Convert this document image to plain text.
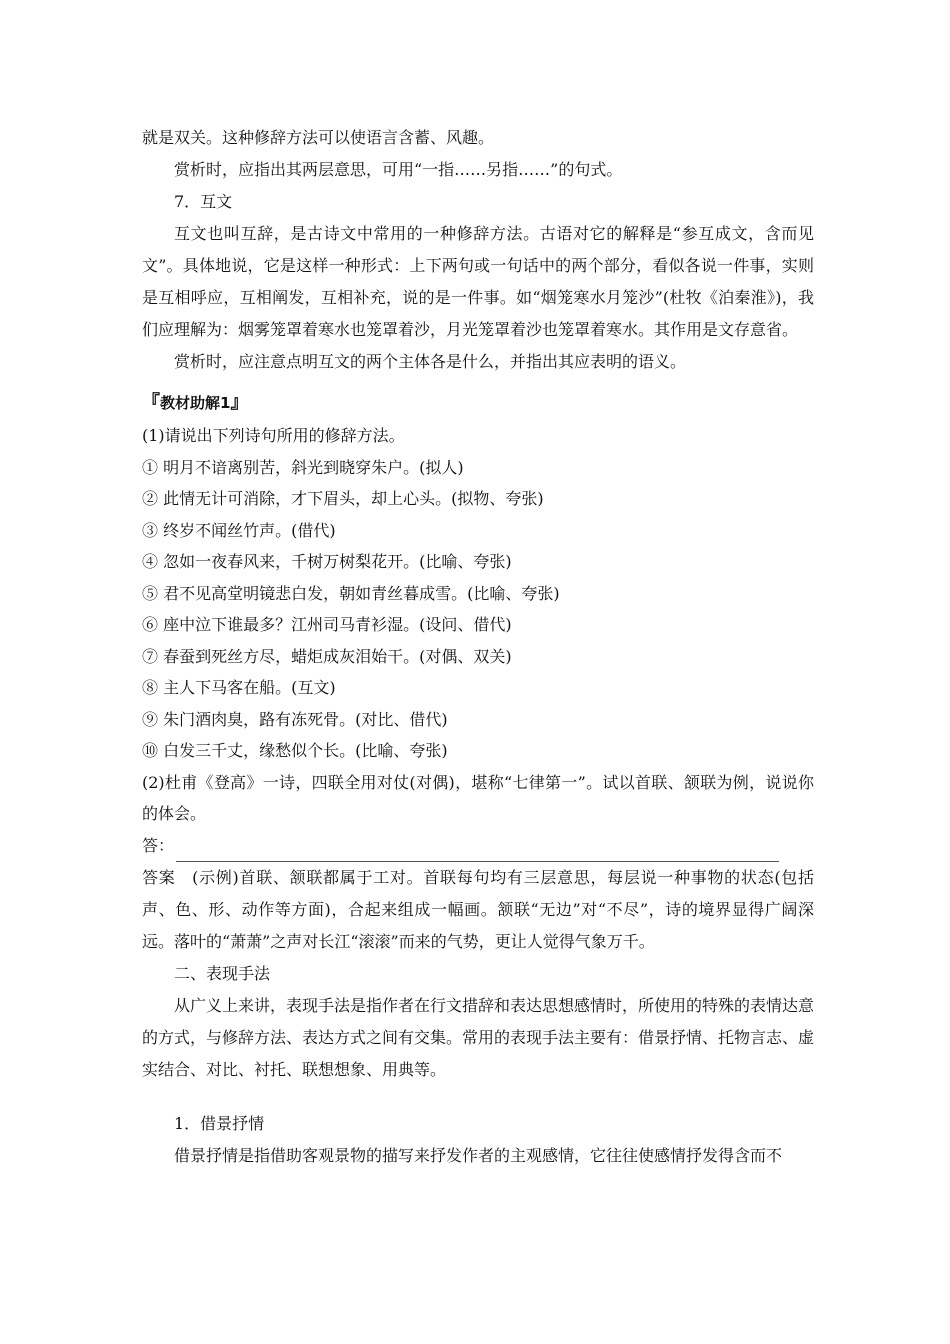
就是双关。这种修辞方法可以使语言含蓄、风趣。

赏析时，应指出其两层意思，可用“一指……另指……”的句式。

7．互文

互文也叫互辞，是古诗文中常用的一种修辞方法。古语对它的解释是“参互成文，含而见文”。具体地说，它是这样一种形式：上下两句或一句话中的两个部分，看似各说一件事，实则是互相呼应，互相阐发，互相补充，说的是一件事。如“烟笼寒水月笼沙”(杜牧《泊秦淮》)，我们应理解为：烟雾笼罩着寒水也笼罩着沙，月光笼罩着沙也笼罩着寒水。其作用是文存意省。

赏析时，应注意点明互文的两个主体各是什么，并指出其应表明的语义。

『 教材助解1 』

(1)请说出下列诗句所用的修辞方法。

① 明月不谙离别苦，斜光到晓穿朱户。(拟人)

② 此情无计可消除，才下眉头，却上心头。(拟物、夸张)

③ 终岁不闻丝竹声。(借代)

④ 忽如一夜春风来，千树万树梨花开。(比喻、夸张)

⑤ 君不见高堂明镜悲白发，朝如青丝暮成雪。(比喻、夸张)

⑥ 座中泣下谁最多？江州司马青衫湿。(设问、借代)

⑦ 春蚕到死丝方尽，蜡炬成灰泪始干。(对偶、双关)

⑧ 主人下马客在船。(互文)

⑨ 朱门酒肉臭，路有冻死骨。(对比、借代)

⑩ 白发三千丈，缘愁似个长。(比喻、夸张)

(2)杜甫《登高》一诗，四联全用对仗(对偶)，堪称“七律第一”。试以首联、颔联为例，说说你的体会。

答：

答案　(示例)首联、颔联都属于工对。首联每句均有三层意思，每层说一种事物的状态(包括声、色、形、动作等方面)，合起来组成一幅画。颔联“无边”对“不尽”，诗的境界显得广阔深远。落叶的“萧萧”之声对长江“滚滚”而来的气势，更让人觉得气象万千。

二、表现手法

从广义上来讲，表现手法是指作者在行文措辞和表达思想感情时，所使用的特殊的表情达意的方式，与修辞方法、表达方式之间有交集。常用的表现手法主要有：借景抒情、托物言志、虚实结合、对比、衬托、联想想象、用典等。

1．借景抒情

借景抒情是指借助客观景物的描写来抒发作者的主观感情，它往往使感情抒发得含而不
